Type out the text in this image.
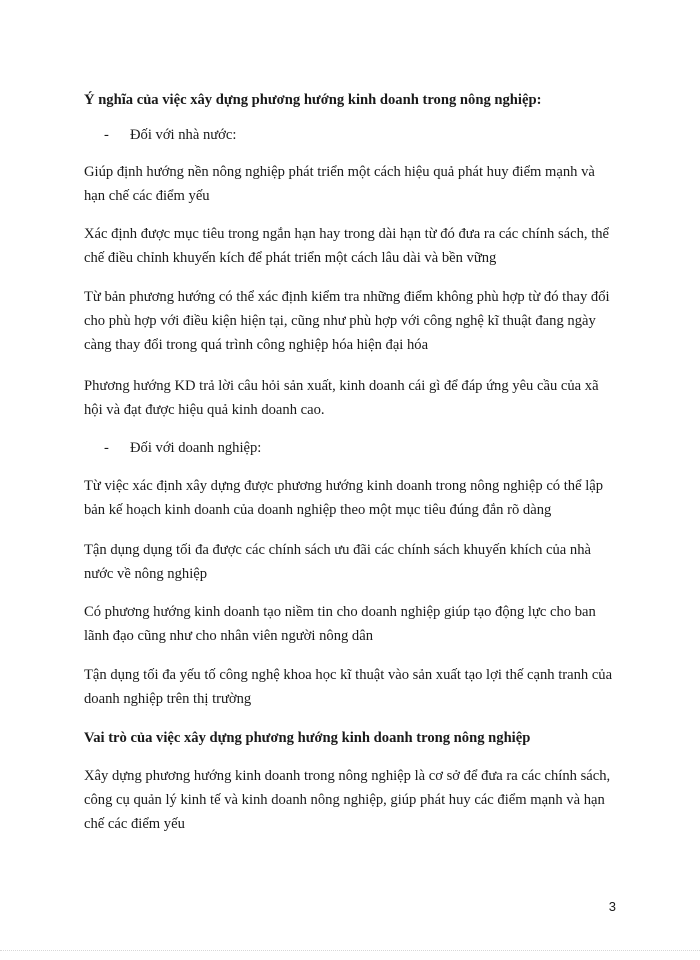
Ý nghĩa của việc xây dựng phương hướng kinh doanh trong nông nghiệp:

- Đối với nhà nước:

Giúp định hướng nền nông nghiệp phát triển một cách hiệu quả phát huy điểm mạnh và hạn chế các điểm yếu

Xác định được mục tiêu trong ngắn hạn hay trong dài hạn từ đó đưa ra các chính sách, thể chế điều chỉnh khuyến kích để phát triển một cách lâu dài và bền vững

Từ bản phương hướng có thể xác định kiểm tra những điểm không phù hợp từ đó thay đổi cho phù hợp với điều kiện hiện tại, cũng như phù hợp với công nghệ kĩ thuật đang ngày càng thay đổi trong quá trình công nghiệp hóa hiện đại hóa

Phương hướng KD trả lời câu hỏi sản xuất, kinh doanh cái gì để đáp ứng yêu cầu của xã hội và đạt được hiệu quả kinh doanh cao.

- Đối với doanh nghiệp:

Từ việc xác định xây dựng được phương hướng kinh doanh trong nông nghiệp có thể lập bản kế hoạch kinh doanh của doanh nghiệp theo một mục tiêu đúng đắn rõ dàng

Tận dụng dụng tối đa được các chính sách ưu đãi các chính sách khuyến khích của nhà nước về nông nghiệp

Có phương hướng kinh doanh tạo niềm tin cho doanh nghiệp giúp tạo động lực cho ban lãnh đạo cũng như cho nhân viên người nông dân

Tận dụng tối đa yếu tố công nghệ khoa học kĩ thuật vào sản xuất tạo lợi thế cạnh tranh của doanh nghiệp trên thị trường

Vai trò của việc xây dựng phương hướng kinh doanh trong nông nghiệp

Xây dựng phương hướng kinh doanh trong nông nghiệp là cơ sở để đưa ra các chính sách, công cụ quản lý kinh tế và kinh doanh nông nghiệp, giúp phát huy các điểm mạnh và hạn chế các điểm yếu

3
